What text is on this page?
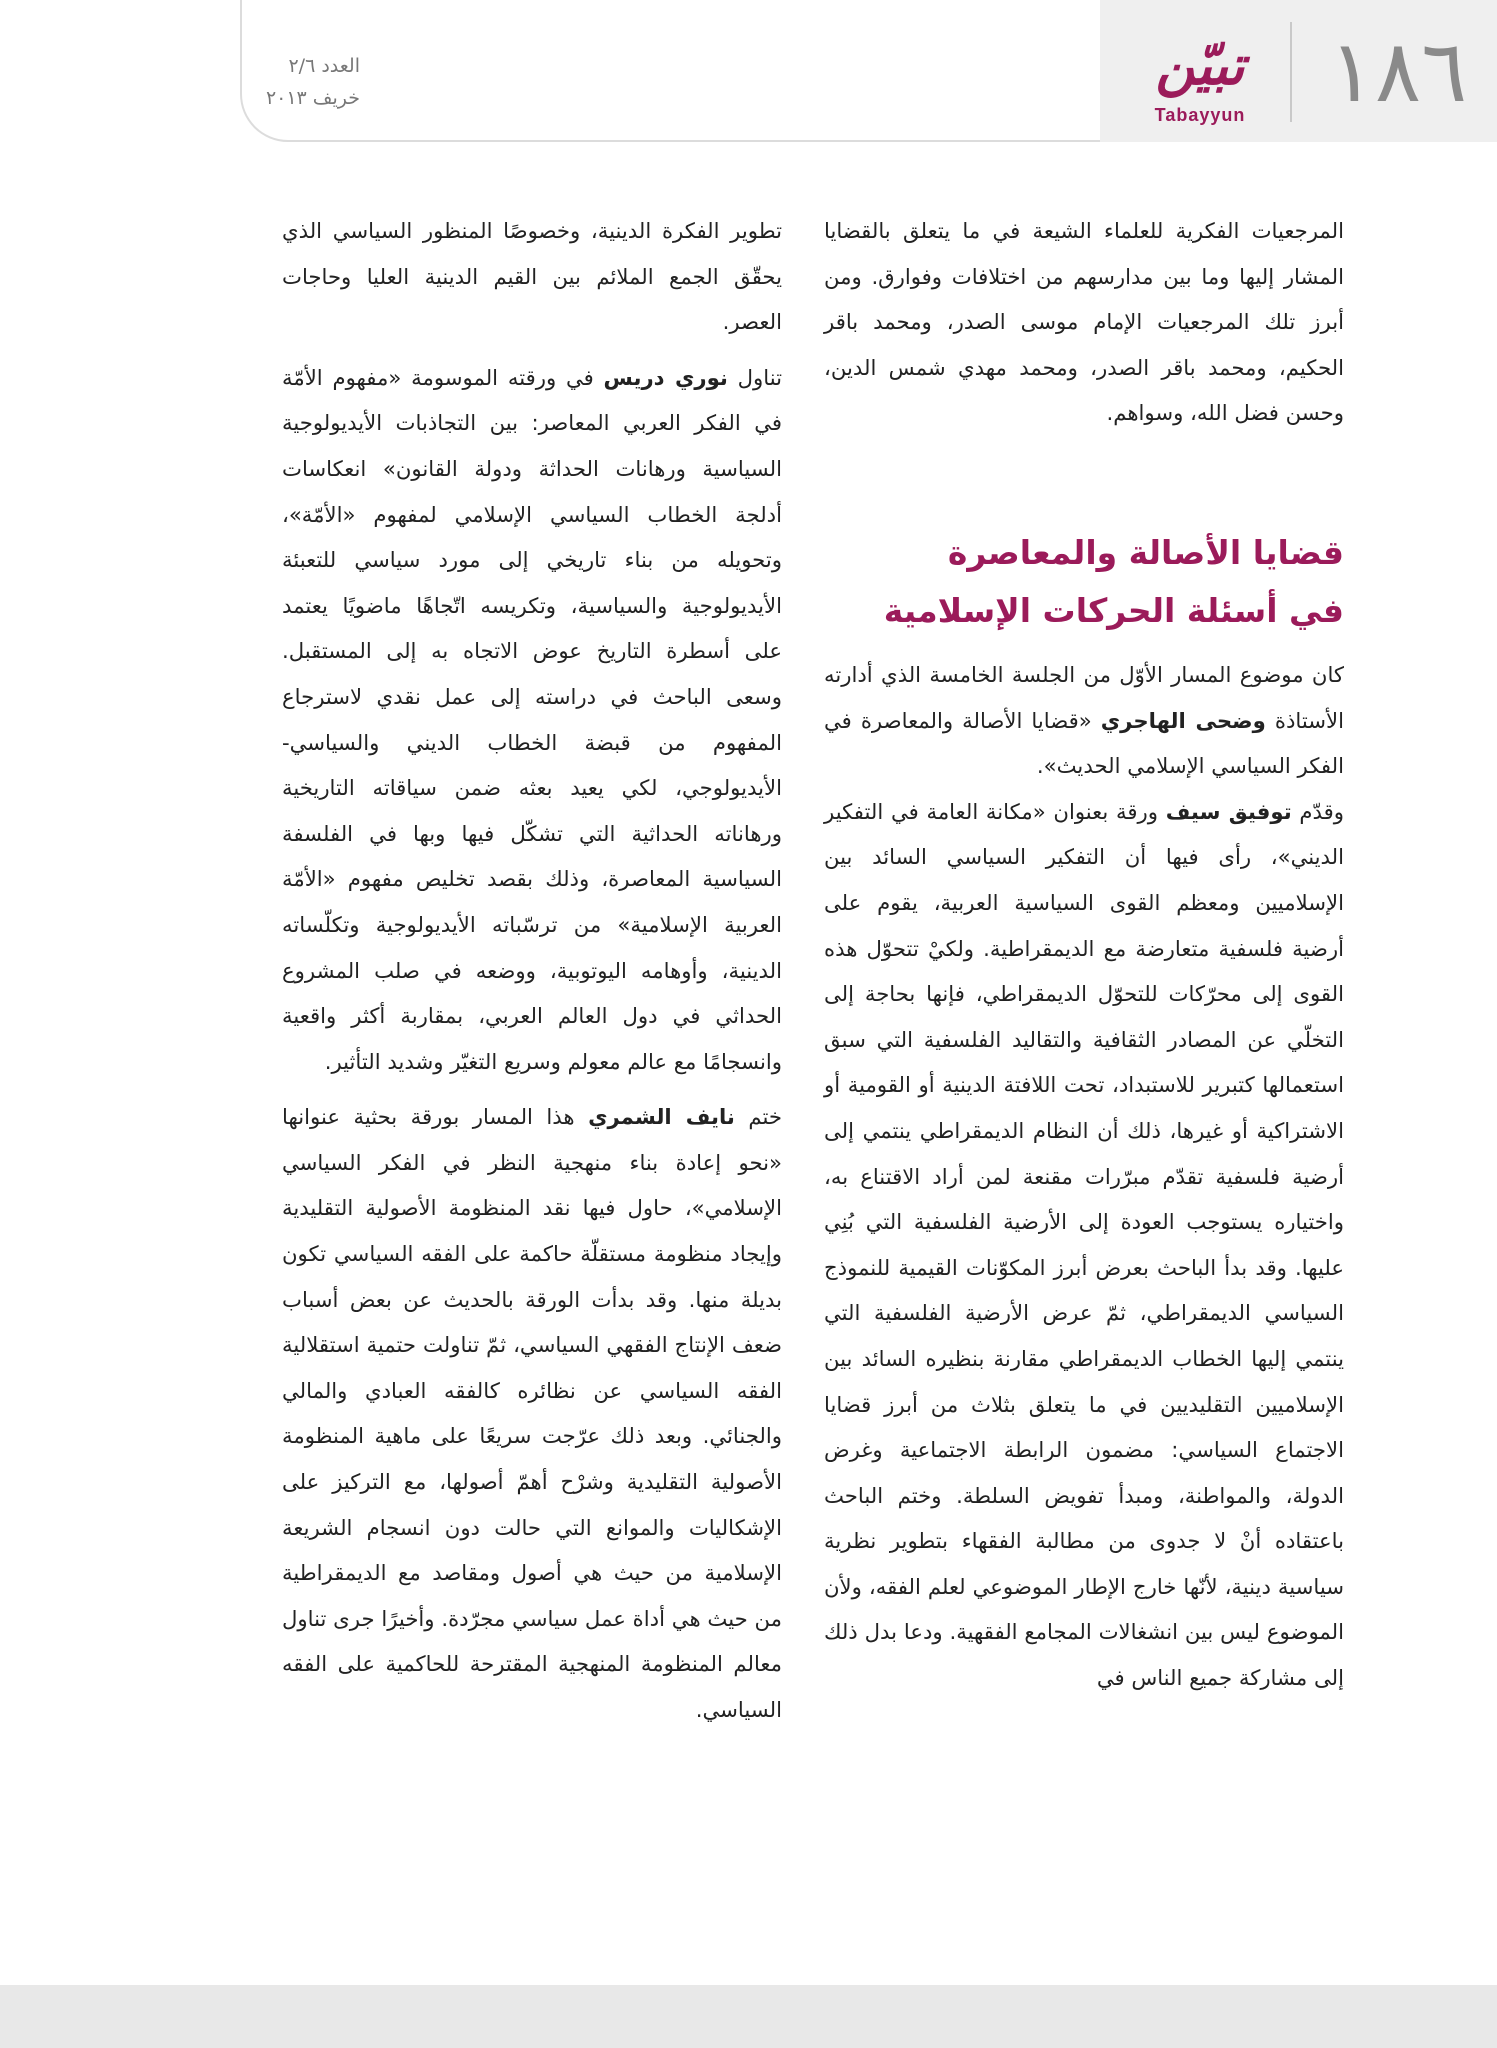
١٨٦
تبيّن
Tabayyun
العدد ٢/٦
خريف ٢٠١٣

المرجعيات الفكرية للعلماء الشيعة في ما يتعلق بالقضايا المشار إليها وما بين مدارسهم من اختلافات وفوارق. ومن أبرز تلك المرجعيات الإمام موسى الصدر، ومحمد باقر الحكيم، ومحمد باقر الصدر، ومحمد مهدي شمس الدين، وحسن فضل الله، وسواهم.

قضايا الأصالة والمعاصرة
في أسئلة الحركات الإسلامية

كان موضوع المسار الأوّل من الجلسة الخامسة الذي أدارته الأستاذة وضحى الهاجري «قضايا الأصالة والمعاصرة في الفكر السياسي الإسلامي الحديث».

وقدّم توفيق سيف ورقة بعنوان «مكانة العامة في التفكير الديني»، رأى فيها أن التفكير السياسي السائد بين الإسلاميين ومعظم القوى السياسية العربية، يقوم على أرضية فلسفية متعارضة مع الديمقراطية. ولكيْ تتحوّل هذه القوى إلى محرّكات للتحوّل الديمقراطي، فإنها بحاجة إلى التخلّي عن المصادر الثقافية والتقاليد الفلسفية التي سبق استعمالها كتبرير للاستبداد، تحت اللافتة الدينية أو القومية أو الاشتراكية أو غيرها، ذلك أن النظام الديمقراطي ينتمي إلى أرضية فلسفية تقدّم مبرّرات مقنعة لمن أراد الاقتناع به، واختياره يستوجب العودة إلى الأرضية الفلسفية التي بُنِي عليها. وقد بدأ الباحث بعرض أبرز المكوّنات القيمية للنموذج السياسي الديمقراطي، ثمّ عرض الأرضية الفلسفية التي ينتمي إليها الخطاب الديمقراطي مقارنة بنظيره السائد بين الإسلاميين التقليديين في ما يتعلق بثلاث من أبرز قضايا الاجتماع السياسي: مضمون الرابطة الاجتماعية وغرض الدولة، والمواطنة، ومبدأ تفويض السلطة. وختم الباحث باعتقاده أنْ لا جدوى من مطالبة الفقهاء بتطوير نظرية سياسية دينية، لأنّها خارج الإطار الموضوعي لعلم الفقه، ولأن الموضوع ليس بين انشغالات المجامع الفقهية. ودعا بدل ذلك إلى مشاركة جميع الناس في

تطوير الفكرة الدينية، وخصوصًا المنظور السياسي الذي يحقّق الجمع الملائم بين القيم الدينية العليا وحاجات العصر.

تناول نوري دريس في ورقته الموسومة «مفهوم الأمّة في الفكر العربي المعاصر: بين التجاذبات الأيديولوجية السياسية ورهانات الحداثة ودولة القانون» انعكاسات أدلجة الخطاب السياسي الإسلامي لمفهوم «الأمّة»، وتحويله من بناء تاريخي إلى مورد سياسي للتعبئة الأيديولوجية والسياسية، وتكريسه اتّجاهًا ماضويًا يعتمد على أسطرة التاريخ عوض الاتجاه به إلى المستقبل. وسعى الباحث في دراسته إلى عمل نقدي لاسترجاع المفهوم من قبضة الخطاب الديني والسياسي- الأيديولوجي، لكي يعيد بعثه ضمن سياقاته التاريخية ورهاناته الحداثية التي تشكّل فيها وبها في الفلسفة السياسية المعاصرة، وذلك بقصد تخليص مفهوم «الأمّة العربية الإسلامية» من ترسّباته الأيديولوجية وتكلّساته الدينية، وأوهامه اليوتوبية، ووضعه في صلب المشروع الحداثي في دول العالم العربي، بمقاربة أكثر واقعية وانسجامًا مع عالم معولم وسريع التغيّر وشديد التأثير.

ختم نايف الشمري هذا المسار بورقة بحثية عنوانها «نحو إعادة بناء منهجية النظر في الفكر السياسي الإسلامي»، حاول فيها نقد المنظومة الأصولية التقليدية وإيجاد منظومة مستقلّة حاكمة على الفقه السياسي تكون بديلة منها. وقد بدأت الورقة بالحديث عن بعض أسباب ضعف الإنتاج الفقهي السياسي، ثمّ تناولت حتمية استقلالية الفقه السياسي عن نظائره كالفقه العبادي والمالي والجنائي. وبعد ذلك عرّجت سريعًا على ماهية المنظومة الأصولية التقليدية وشرْح أهمّ أصولها، مع التركيز على الإشكاليات والموانع التي حالت دون انسجام الشريعة الإسلامية من حيث هي أصول ومقاصد مع الديمقراطية من حيث هي أداة عمل سياسي مجرّدة. وأخيرًا جرى تناول معالم المنظومة المنهجية المقترحة للحاكمية على الفقه السياسي.
